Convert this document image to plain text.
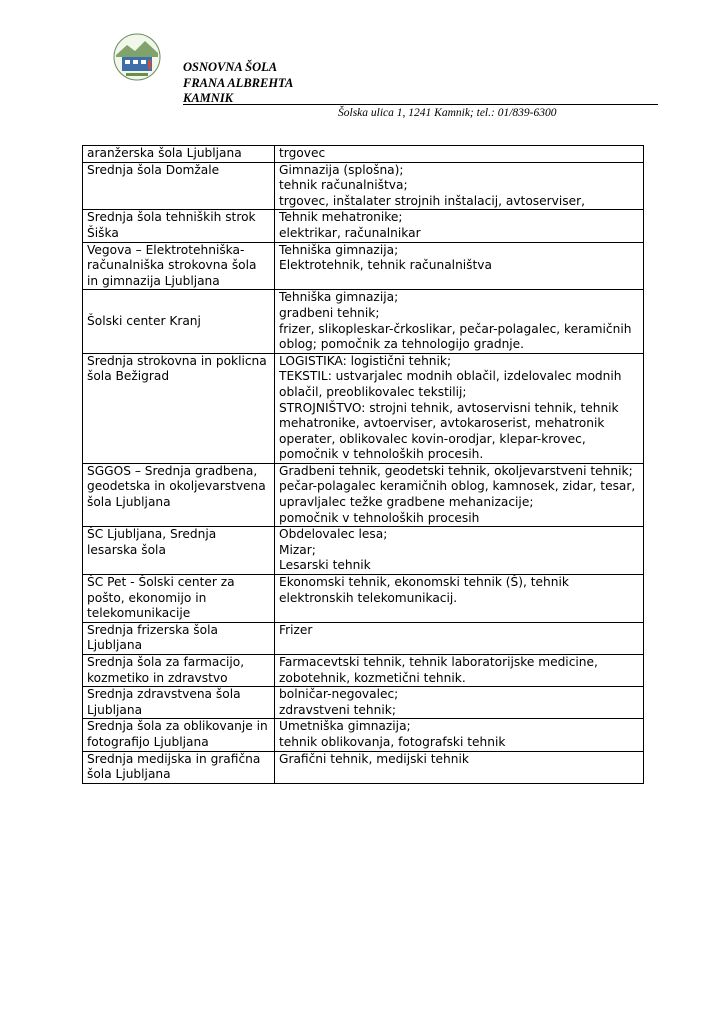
OSNOVNA ŠOLA
FRANA ALBREHTA
KAMNIK
Šolska ulica 1, 1241 Kamnik; tel.: 01/839-6300
aranžerska šola Ljubljana	trgovec

Srednja šola Domžale	Gimnazija (splošna);
tehnik računalništva;
trgovec, inštalater strojnih inštalacij, avtoserviser,

Srednja šola tehniških strok Šiška	Tehnik mehatronike;
elektrikar, računalnikar

Vegova – Elektrotehniška-računalniška strokovna šola in gimnazija Ljubljana	Tehniška gimnazija;
Elektrotehnik, tehnik računalništva

Šolski center Kranj	Tehniška gimnazija;
gradbeni tehnik;
frizer, slikopleskar-črkoslikar, pečar-polagalec, keramičnih oblog; pomočnik za tehnologijo gradnje.

Srednja strokovna in poklicna šola Bežigrad	LOGISTIKA: logistični tehnik;
TEKSTIL: ustvarjalec modnih oblačil, izdelovalec modnih oblačil, preoblikovalec tekstilij;
STROJNIŠTVO: strojni tehnik, avtoservisni tehnik, tehnik mehatronike, avtoerviser, avtokaroserist, mehatronik operater, oblikovalec kovin-orodjar, klepar-krovec, pomočnik v tehnoloških procesih.

SGGOS – Srednja gradbena, geodetska in okoljevarstvena šola Ljubljana	Gradbeni tehnik, geodetski tehnik, okoljevarstveni tehnik;
pečar-polagalec keramičnih oblog, kamnosek, zidar, tesar, upravljalec težke gradbene mehanizacije;
pomočnik v tehnoloških procesih

ŠC Ljubljana, Srednja lesarska šola	Obdelovalec lesa;
Mizar;
Lesarski tehnik

ŠC Pet - Šolski center za pošto, ekonomijo in telekomunikacije	Ekonomski tehnik, ekonomski tehnik (Š), tehnik elektronskih telekomunikacij.

Srednja frizerska šola Ljubljana	Frizer

Srednja šola za farmacijo, kozmetiko in zdravstvo	Farmacevtski tehnik, tehnik laboratorijske medicine, zobotehnik, kozmetični tehnik.

Srednja zdravstvena šola Ljubljana	bolničar-negovalec;
zdravstveni tehnik;

Srednja šola za oblikovanje in fotografijo Ljubljana	Umetniška gimnazija;
tehnik oblikovanja, fotografski tehnik

Srednja medijska in grafična šola Ljubljana	Grafični tehnik, medijski tehnik
